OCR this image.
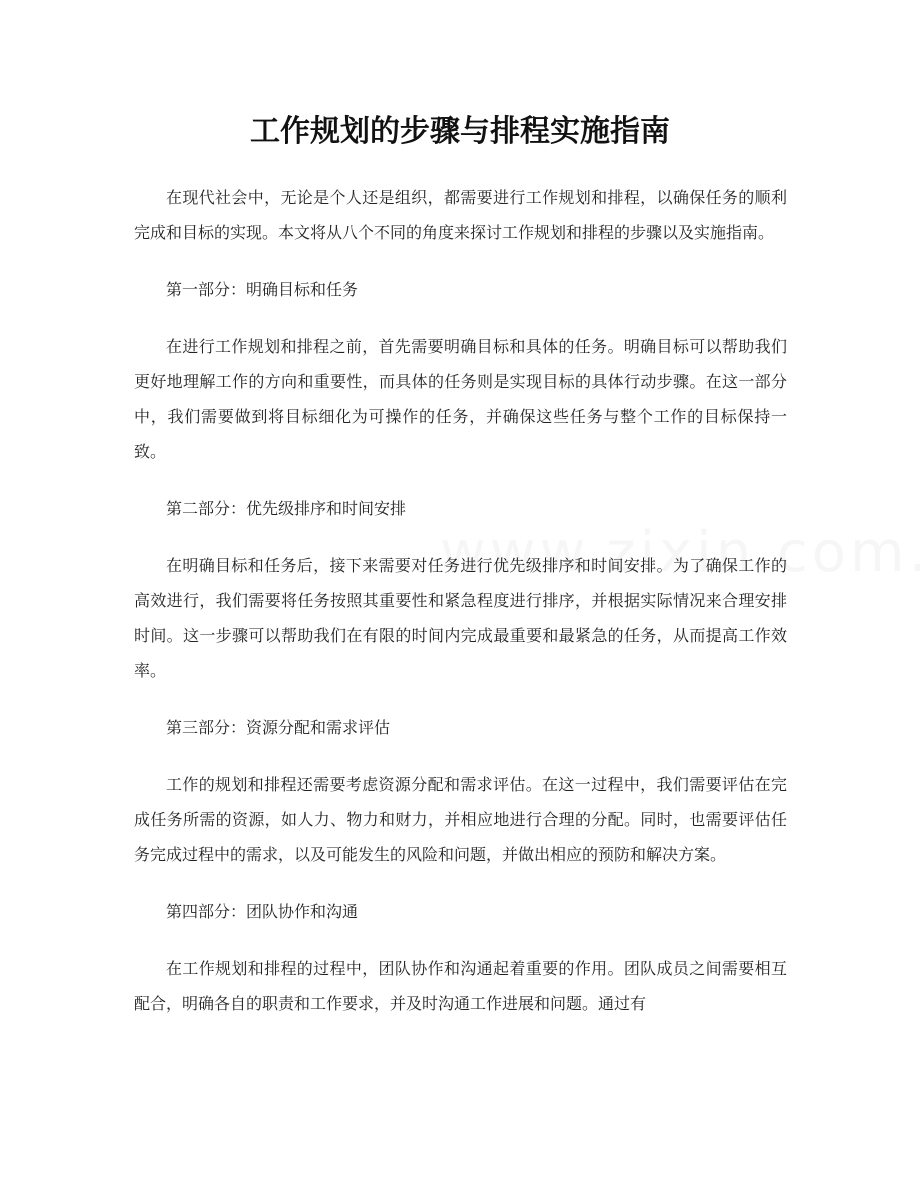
工作规划的步骤与排程实施指南

在现代社会中，无论是个人还是组织，都需要进行工作规划和排程，以确保任务的顺利完成和目标的实现。本文将从八个不同的角度来探讨工作规划和排程的步骤以及实施指南。

第一部分：明确目标和任务

在进行工作规划和排程之前，首先需要明确目标和具体的任务。明确目标可以帮助我们更好地理解工作的方向和重要性，而具体的任务则是实现目标的具体行动步骤。在这一部分中，我们需要做到将目标细化为可操作的任务，并确保这些任务与整个工作的目标保持一致。

第二部分：优先级排序和时间安排

在明确目标和任务后，接下来需要对任务进行优先级排序和时间安排。为了确保工作的高效进行，我们需要将任务按照其重要性和紧急程度进行排序，并根据实际情况来合理安排时间。这一步骤可以帮助我们在有限的时间内完成最重要和最紧急的任务，从而提高工作效率。

第三部分：资源分配和需求评估

工作的规划和排程还需要考虑资源分配和需求评估。在这一过程中，我们需要评估在完成任务所需的资源，如人力、物力和财力，并相应地进行合理的分配。同时，也需要评估任务完成过程中的需求，以及可能发生的风险和问题，并做出相应的预防和解决方案。

第四部分：团队协作和沟通

在工作规划和排程的过程中，团队协作和沟通起着重要的作用。团队成员之间需要相互配合，明确各自的职责和工作要求，并及时沟通工作进展和问题。通过有
